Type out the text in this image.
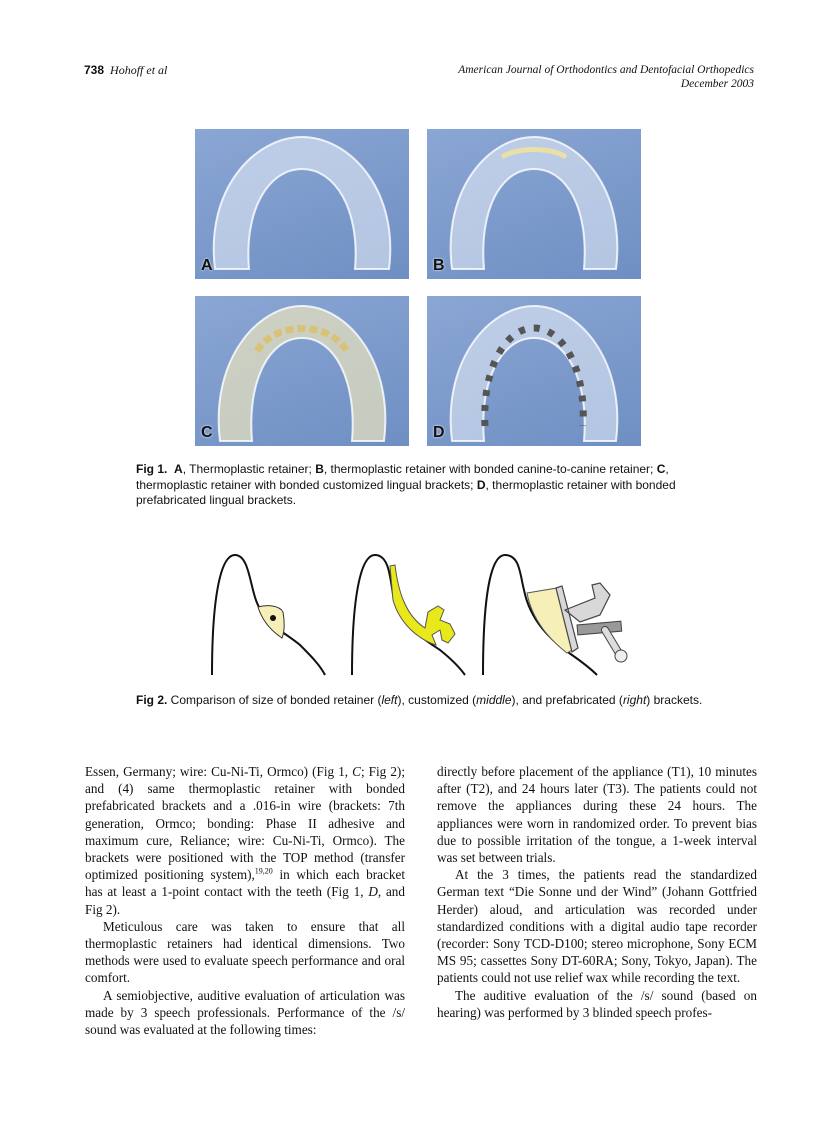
738 Hohoff et al	American Journal of Orthodontics and Dentofacial Orthopedics
December 2003
A	B
C	D
Fig 1. A, Thermoplastic retainer; B, thermoplastic retainer with bonded canine-to-canine retainer; C, thermoplastic retainer with bonded customized lingual brackets; D, thermoplastic retainer with bonded prefabricated lingual brackets.
Fig 2. Comparison of size of bonded retainer (left), customized (middle), and prefabricated (right) brackets.

Essen, Germany; wire: Cu-Ni-Ti, Ormco) (Fig 1, C; Fig 2); and (4) same thermoplastic retainer with bonded prefabricated brackets and a .016-in wire (brackets: 7th generation, Ormco; bonding: Phase II adhesive and maximum cure, Reliance; wire: Cu-Ni-Ti, Ormco). The brackets were positioned with the TOP method (transfer optimized positioning system),$^{19,20}$ in which each bracket has at least a 1-point contact with the teeth (Fig 1, D, and Fig 2).

Meticulous care was taken to ensure that all thermoplastic retainers had identical dimensions. Two methods were used to evaluate speech performance and oral comfort.

A semiobjective, auditive evaluation of articulation was made by 3 speech professionals. Performance of the /s/ sound was evaluated at the following times:

directly before placement of the appliance (T1), 10 minutes after (T2), and 24 hours later (T3). The patients could not remove the appliances during these 24 hours. The appliances were worn in randomized order. To prevent bias due to possible irritation of the tongue, a 1-week interval was set between trials.

At the 3 times, the patients read the standardized German text “Die Sonne und der Wind” (Johann Gottfried Herder) aloud, and articulation was recorded under standardized conditions with a digital audio tape recorder (recorder: Sony TCD-D100; stereo microphone, Sony ECM MS 95; cassettes Sony DT-60RA; Sony, Tokyo, Japan). The patients could not use relief wax while recording the text.

The auditive evaluation of the /s/ sound (based on hearing) was performed by 3 blinded speech profes-
